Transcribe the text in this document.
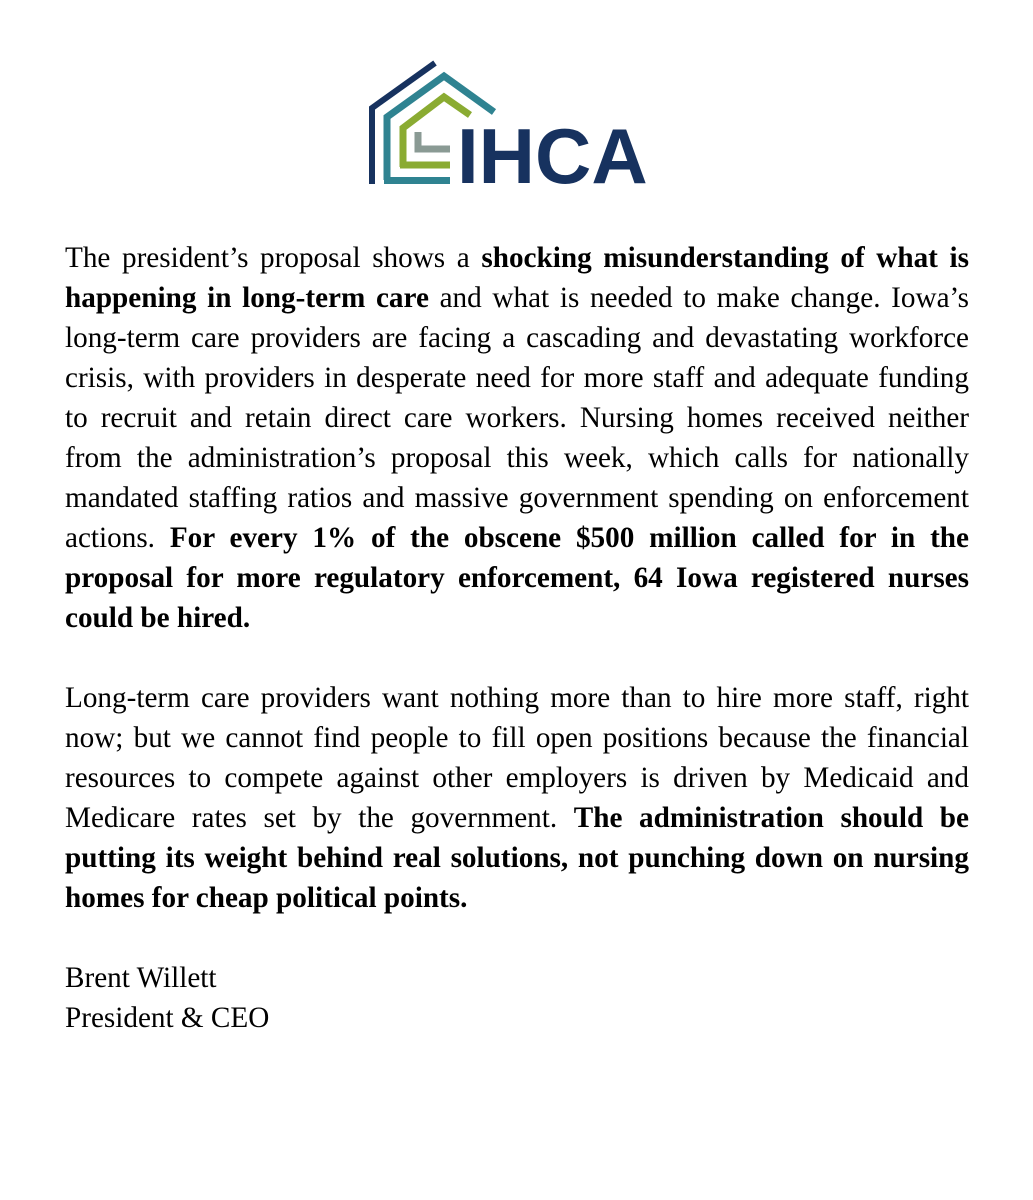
IHCA

The president’s proposal shows a shocking misunderstanding of what is happening in long-term care and what is needed to make change. Iowa’s long-term care providers are facing a cascading and devastating workforce crisis, with providers in desperate need for more staff and adequate funding to recruit and retain direct care workers. Nursing homes received neither from the administration’s proposal this week, which calls for nationally mandated staffing ratios and massive government spending on enforcement actions. For every 1% of the obscene $500 million called for in the proposal for more regulatory enforcement, 64 Iowa registered nurses could be hired.

Long-term care providers want nothing more than to hire more staff, right now; but we cannot find people to fill open positions because the financial resources to compete against other employers is driven by Medicaid and Medicare rates set by the government. The administration should be putting its weight behind real solutions, not punching down on nursing homes for cheap political points.

Brent Willett
President & CEO
